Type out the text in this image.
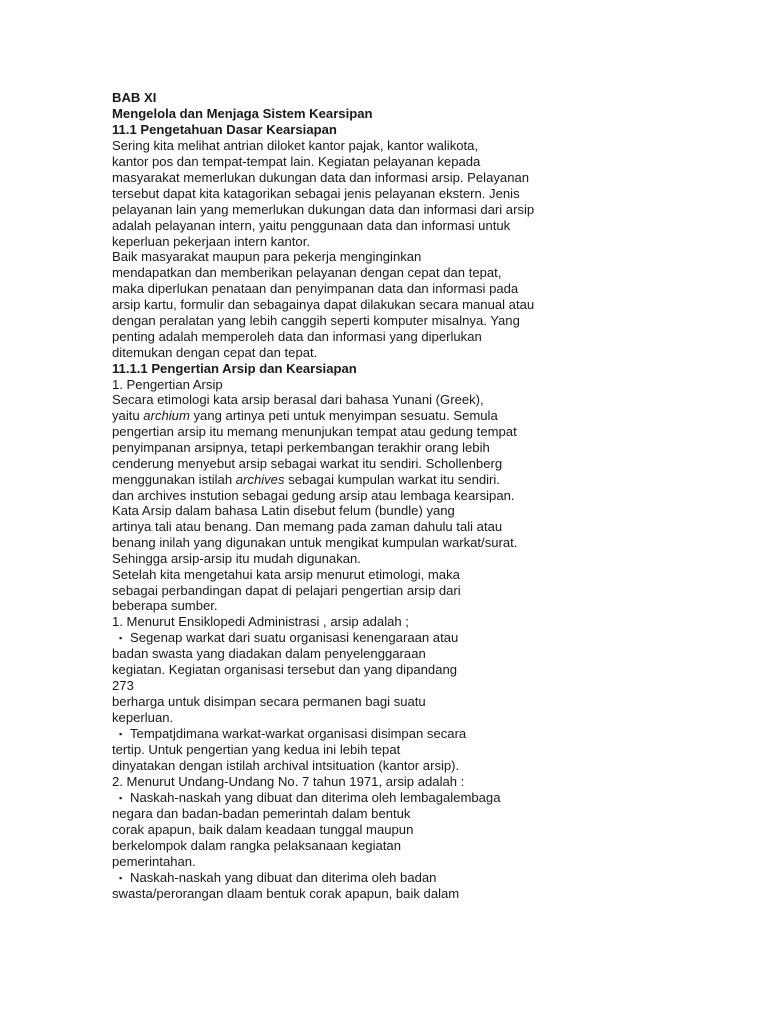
BAB XI
Mengelola dan Menjaga Sistem Kearsipan
11.1 Pengetahuan Dasar Kearsiapan
Sering kita melihat antrian diloket kantor pajak, kantor walikota,
kantor pos dan tempat-tempat lain. Kegiatan pelayanan kepada
masyarakat memerlukan dukungan data dan informasi arsip. Pelayanan
tersebut dapat kita katagorikan sebagai jenis pelayanan ekstern. Jenis
pelayanan lain yang memerlukan dukungan data dan informasi dari arsip
adalah pelayanan intern, yaitu penggunaan data dan informasi untuk
keperluan pekerjaan intern kantor.
Baik masyarakat maupun para pekerja menginginkan
mendapatkan dan memberikan pelayanan dengan cepat dan tepat,
maka diperlukan penataan dan penyimpanan data dan informasi pada
arsip kartu, formulir dan sebagainya dapat dilakukan secara manual atau
dengan peralatan yang lebih canggih seperti komputer misalnya. Yang
penting adalah memperoleh data dan informasi yang diperlukan
ditemukan dengan cepat dan tepat.
11.1.1 Pengertian Arsip dan Kearsiapan
1. Pengertian Arsip
Secara etimologi kata arsip berasal dari bahasa Yunani (Greek),
yaitu archium yang artinya peti untuk menyimpan sesuatu. Semula
pengertian arsip itu memang menunjukan tempat atau gedung tempat
penyimpanan arsipnya, tetapi perkembangan terakhir orang lebih
cenderung menyebut arsip sebagai warkat itu sendiri. Schollenberg
menggunakan istilah archives sebagai kumpulan warkat itu sendiri.
dan archives instution sebagai gedung arsip atau lembaga kearsipan.
Kata Arsip dalam bahasa Latin disebut felum (bundle) yang
artinya tali atau benang. Dan memang pada zaman dahulu tali atau
benang inilah yang digunakan untuk mengikat kumpulan warkat/surat.
Sehingga arsip-arsip itu mudah digunakan.
Setelah kita mengetahui kata arsip menurut etimologi, maka
sebagai perbandingan dapat di pelajari pengertian arsip dari
beberapa sumber.
1. Menurut Ensiklopedi Administrasi , arsip adalah ;
▪ Segenap warkat dari suatu organisasi kenengaraan atau
badan swasta yang diadakan dalam penyelenggaraan
kegiatan. Kegiatan organisasi tersebut dan yang dipandang
273
berharga untuk disimpan secara permanen bagi suatu
keperluan.
▪ Tempatjdimana warkat-warkat organisasi disimpan secara
tertip. Untuk pengertian yang kedua ini lebih tepat
dinyatakan dengan istilah archival intsituation (kantor arsip).
2. Menurut Undang-Undang No. 7 tahun 1971, arsip adalah :
▪ Naskah-naskah yang dibuat dan diterima oleh lembagalembaga
negara dan badan-badan pemerintah dalam bentuk
corak apapun, baik dalam keadaan tunggal maupun
berkelompok dalam rangka pelaksanaan kegiatan
pemerintahan.
▪ Naskah-naskah yang dibuat dan diterima oleh badan
swasta/perorangan dlaam bentuk corak apapun, baik dalam
